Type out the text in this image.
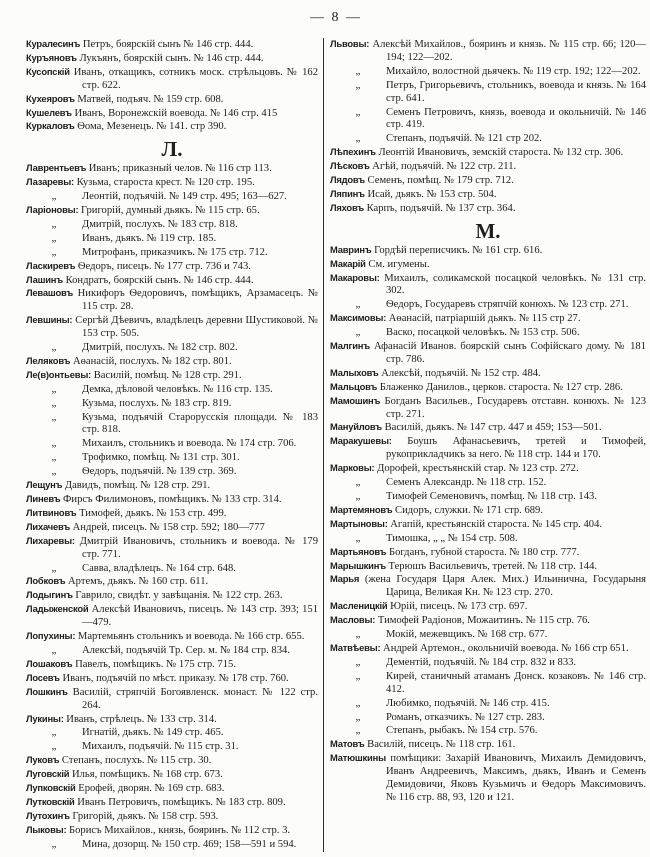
— 8 —

Куралесинъ Петръ, боярскій сынъ № 146 стр. 444.

Куръяновъ Лукъянъ, боярскій сынъ. № 146 стр. 444.

Кусопскій Иванъ, откащикъ, сотникъ моск. стрѣльцовъ. № 162 стр. 622.

Кухеяровъ Матвей, подъяч. № 159 стр. 608.

Кушелевъ Иванъ, Воронежскій воевода. № 146 стр. 415

Куркаловъ Ѳома, Мезенецъ. № 141. стр 390.

Л.

Лаврентьевъ Иванъ; приказный челов. № 116 стр 113.

Лазаревы: Кузьма, староста крест. № 120 стр. 195.

„ Леонтій, подъячій. № 149 стр. 495; 163—627.

Ларіоновы: Григорій, думный дьякъ. № 115 стр. 65.

„ Дмитрій, послухъ. № 183 стр. 818.

„ Иванъ, дьякъ. № 119 стр. 185.

„ Митрофанъ, приказчикъ. № 175 стр. 712.

Ласкиревъ Ѳедоръ, писецъ. № 177 стр. 736 и 743.

Лашинъ Кондратъ, боярскій сынъ. № 146 стр. 444.

Левашовъ Никифоръ Ѳедоровичъ, помѣщикъ, Арзамасецъ. № 115 стр. 28.

Левшины: Сергѣй Дѣевичъ, владѣлецъ деревни Шустиковой. № 153 стр. 505.

„ Дмитрій, послухъ. № 182 стр. 802.

Леляковъ Аѳанасій, послухъ. № 182 стр. 801.

Ле(в)онтьевы: Василій, помѣщ. № 128 стр. 291.

„ Демка, дѣловой человѣкъ. № 116 стр. 135.

„ Кузьма, послухъ. № 183 стр. 819.

„ Кузьма, подъячій Старорусскія площади. № 183 стр. 818.

„ Михаилъ, стольникъ и воевода. № 174 стр. 706.

„ Трофимко, помѣщ. № 131 стр. 301.

„ Ѳедоръ, подъячій. № 139 стр. 369.

Лещунъ Давидъ, помѣщ. № 128 стр. 291.

Линевъ Фирсъ Филимоновъ, помѣщикъ. № 133 стр. 314.

Литвиновъ Тимофей, дьякъ. № 153 стр. 499.

Лихачевъ Андрей, писецъ. № 158 стр. 592; 180—777

Лихаревы: Дмитрій Ивановичъ, стольникъ и воевода. № 179 стр. 771.

„ Савва, владѣлецъ. № 164 стр. 648.

Лобковъ Артемъ, дьякъ. № 160 стр. 611.

Лодыгинъ Гаврило, свидѣт. у завѣщанія. № 122 стр. 263.

Ладыженской Алексѣй Ивановичъ, писецъ. № 143 стр. 393; 151—479.

Лопухины: Мартемьянъ стольникъ и воевода. № 166 стр. 655.

„ Алексѣй, подъячій Тр. Сер. м. № 184 стр. 834.

Лошаковъ Павелъ, помѣщикъ. № 175 стр. 715.

Лосевъ Иванъ, подъячій по мѣст. приказу. № 178 стр. 760.

Лошкинъ Василій, стряпчій Богоявленск. монаст. № 122 стр. 264.

Лукины: Иванъ, стрѣлецъ. № 133 стр. 314.

„ Игнатій, дьякъ. № 149 стр. 465.

„ Михаилъ, подъячій. № 115 стр. 31.

Луковъ Степанъ, послухъ. № 115 стр. 30.

Луговскій Илья, помѣщикъ. № 168 стр. 673.

Лупковскій Ерофей, дворян. № 169 стр. 683.

Лутковскій Иванъ Петровичъ, помѣщикъ. № 183 стр. 809.

Лутохинъ Григорій, дьякъ. № 158 стр. 593.

Лыковы: Борисъ Михайлов., князь, бояринъ. № 112 стр. 3.

„ Мина, дозорщ. № 150 стр. 469; 158—591 и 594.

Львовы: Алексѣй Михайлов., бояринъ и князь. № 115 стр. 66; 120—194; 122—202.

„ Михайло, волостной дьячекъ. № 119 стр. 192; 122—202.

„ Петръ, Григорьевичъ, стольникъ, воевода и князь. № 164 стр. 641.

„ Семенъ Петровичъ, князь, воевода и окольничій. № 146 стр. 419.

„ Степанъ, подъячій. № 121 стр 202.

Лѣпехинъ Леонтій Ивановичъ, земскій староста. № 132 стр. 306.

Лѣсковъ Агѣй, подъячій. № 122 стр. 211.

Лядовъ Семенъ, помѣщ. № 179 стр. 712.

Ляпинъ Исай, дьякъ. № 153 стр. 504.

Ляховъ Карпъ, подъячій. № 137 стр. 364.

М.

Мавринъ Гордѣй переписчикъ. № 161 стр. 616.

Макарій См. игумены.

Макаровы: Михаилъ, соликамской посацкой человѣкъ. № 131 стр. 302.

„ Ѳедоръ, Государевъ стряпчій конюхъ. № 123 стр. 271.

Максимовы: Аѳанасій, патріаршій дьякъ. № 115 стр 27.

„ Васко, посацкой человѣкъ. № 153 стр. 506.

Малгинъ Афанасій Иванов. боярскій сынъ Софійскаго дому. № 181 стр. 786.

Малыховъ Алексѣй, подъячій. № 152 стр. 484.

Мальцовъ Блаженко Данилов., церков. староста. № 127 стр. 286.

Мамошинъ Богданъ Васильев., Государевъ отставн. конюхъ. № 123 стр. 271.

Мануйловъ Василій, дьякъ. № 147 стр. 447 и 459; 153—501.

Маракушевы: Боушъ Афанасьевичъ, третей и Тимофей, рукоприкладчикъ за него. № 118 стр. 144 и 170.

Марковы: Дорофей, крестьянскій стар. № 123 стр. 272.

„ Семенъ Александр. № 118 стр. 152.

„ Тимофей Семеновичъ, помѣщ. № 118 стр. 143.

Мартемяновъ Сидоръ, служки. № 171 стр. 689.

Мартыновы: Агапій, крестьянскій староста. № 145 стр. 404.

„ Тимошка, „ „ № 154 стр. 508.

Мартьяновъ Богданъ, губной староста. № 180 стр. 777.

Марышкинъ Терюшъ Васильевичъ, третей. № 118 стр. 144.

Марья (жена Государя Царя Алек. Мих.) Ильинична, Государыня Царица, Великая Кн. № 123 стр. 270.

Масленицкій Юрій, писецъ. № 173 стр. 697.

Масловы: Тимофей Радіонов, Можаитинъ. № 115 стр. 76.

„ Мокій, межевщикъ. № 168 стр. 677.

Матвѣевы: Андрей Артемон., окольничій воевода. № 166 стр 651.

„ Дементій, подъячій. № 184 стр. 832 и 833.

„ Кирей, станичный атаманъ Донск. козаковъ. № 146 стр. 412.

„ Любимко, подъячій. № 146 стр. 415.

„ Романъ, отказчикъ. № 127 стр. 283.

„ Степанъ, рыбакъ. № 154 стр. 576.

Матовъ Василій, писецъ. № 118 стр. 161.

Матюшкины помѣщики: Захарій Ивановичъ, Михаилъ Демидовичъ, Иванъ Андреевичъ, Максимъ, дьякъ, Иванъ и Семенъ Демидовичи, Яковъ Кузьмичъ и Ѳедоръ Максимовичъ. № 116 стр. 88, 93, 120 и 121.
